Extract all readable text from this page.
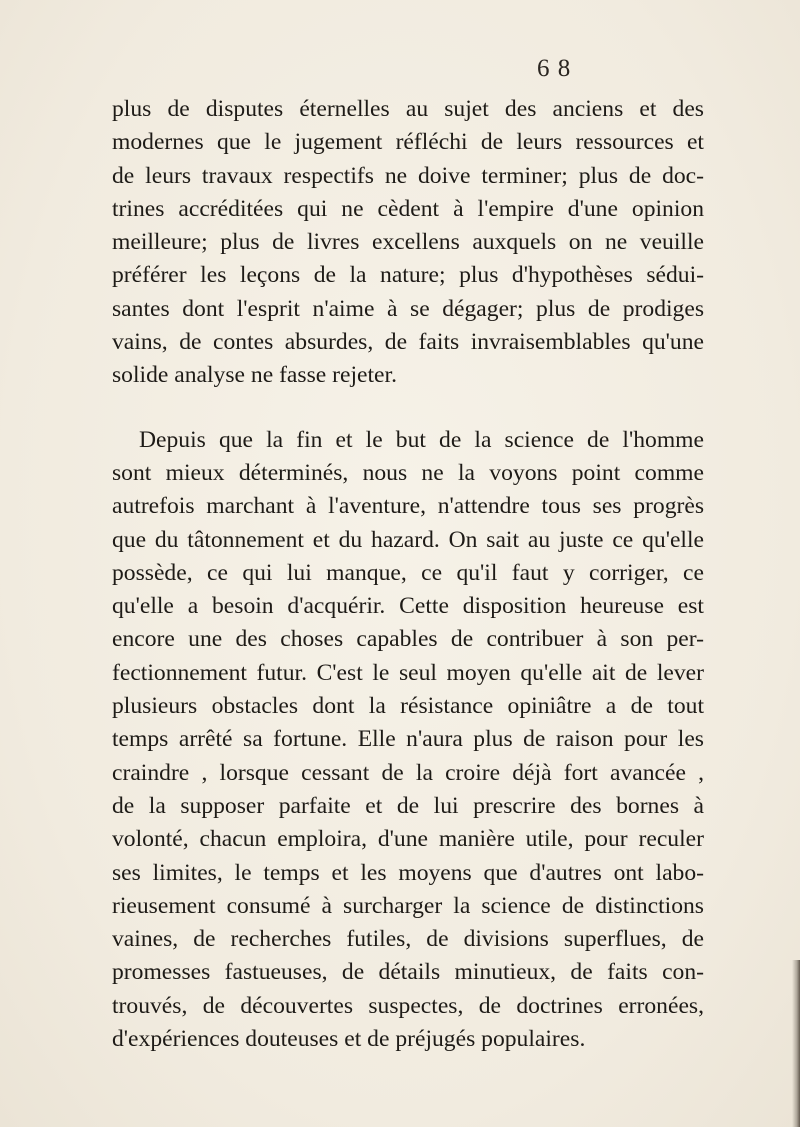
6 8

plus de disputes éternelles au sujet des anciens et des
modernes que le jugement réfléchi de leurs ressources et
de leurs travaux respectifs ne doive terminer; plus de doc-
trines accréditées qui ne cèdent à l'empire d'une opinion
meilleure; plus de livres excellens auxquels on ne veuille
préférer les leçons de la nature; plus d'hypothèses sédui-
santes dont l'esprit n'aime à se dégager; plus de prodiges
vains, de contes absurdes, de faits invraisemblables qu'une
solide analyse ne fasse rejeter.

Depuis que la fin et le but de la science de l'homme
sont mieux déterminés, nous ne la voyons point comme
autrefois marchant à l'aventure, n'attendre tous ses progrès
que du tâtonnement et du hazard. On sait au juste ce qu'elle
possède, ce qui lui manque, ce qu'il faut y corriger, ce
qu'elle a besoin d'acquérir. Cette disposition heureuse est
encore une des choses capables de contribuer à son per-
fectionnement futur. C'est le seul moyen qu'elle ait de lever
plusieurs obstacles dont la résistance opiniâtre a de tout
temps arrêté sa fortune. Elle n'aura plus de raison pour les
craindre , lorsque cessant de la croire déjà fort avancée ,
de la supposer parfaite et de lui prescrire des bornes à
volonté, chacun emploira, d'une manière utile, pour reculer
ses limites, le temps et les moyens que d'autres ont labo-
rieusement consumé à surcharger la science de distinctions
vaines, de recherches futiles, de divisions superflues, de
promesses fastueuses, de détails minutieux, de faits con-
trouvés, de découvertes suspectes, de doctrines erronées,
d'expériences douteuses et de préjugés populaires.
